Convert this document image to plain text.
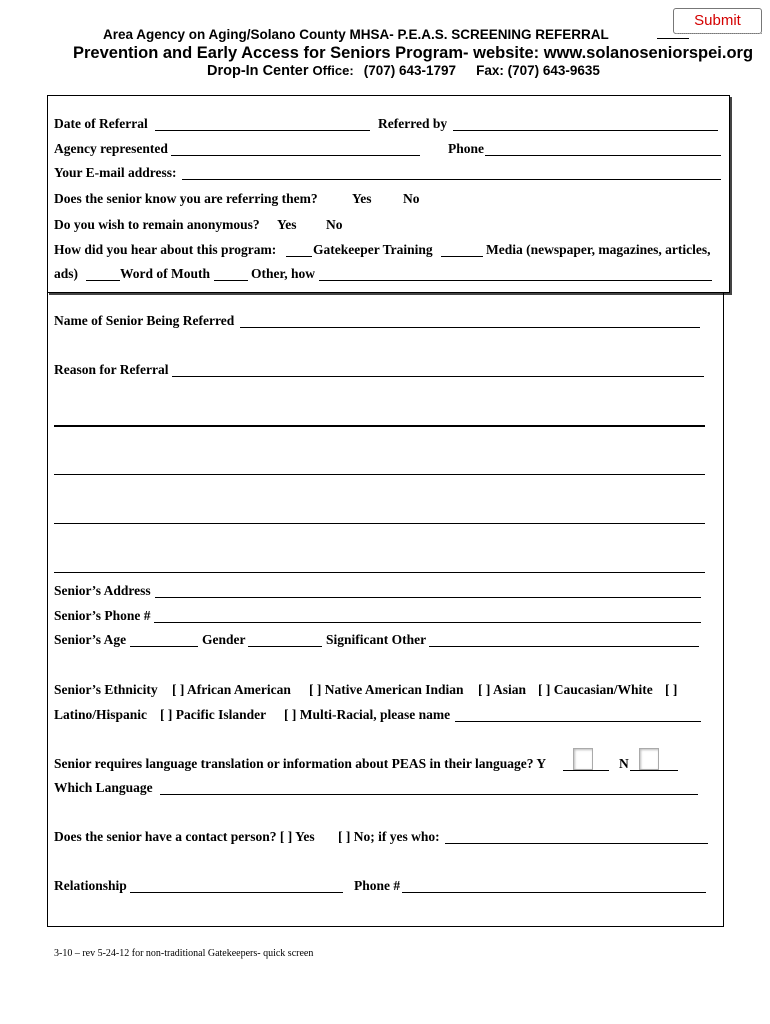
Submit
Area Agency on Aging/Solano County MHSA- P.E.A.S. SCREENING REFERRAL
Prevention and Early Access for Seniors Program- website: www.solanoseniorspei.org
Drop-In Center Office: (707) 643-1797 Fax: (707) 643-9635
Date of Referral	Referred by
Agency represented	Phone
Your E-mail address:
Does the senior know you are referring them?	Yes No
Do you wish to remain anonymous?	Yes	No
How did you hear about this program:	Gatekeeper Training	Media (newspaper, magazines, articles,
ads)	Word of Mouth	Other, how
Name of Senior Being Referred
Reason for Referral
Senior’s Address
Senior’s Phone #
Senior’s Age	Gender	Significant Other
Senior’s Ethnicity [ ] African American [ ] Native American Indian [ ] Asian [ ] Caucasian/White [ ]
Latino/Hispanic [ ] Pacific Islander [ ] Multi-Racial, please name
Senior requires language translation or information about PEAS in their language? Y	N
Which Language
Does the senior have a contact person? [ ] Yes [ ] No; if yes who:
Relationship	Phone #
3-10 – rev 5-24-12 for non-traditional Gatekeepers- quick screen
